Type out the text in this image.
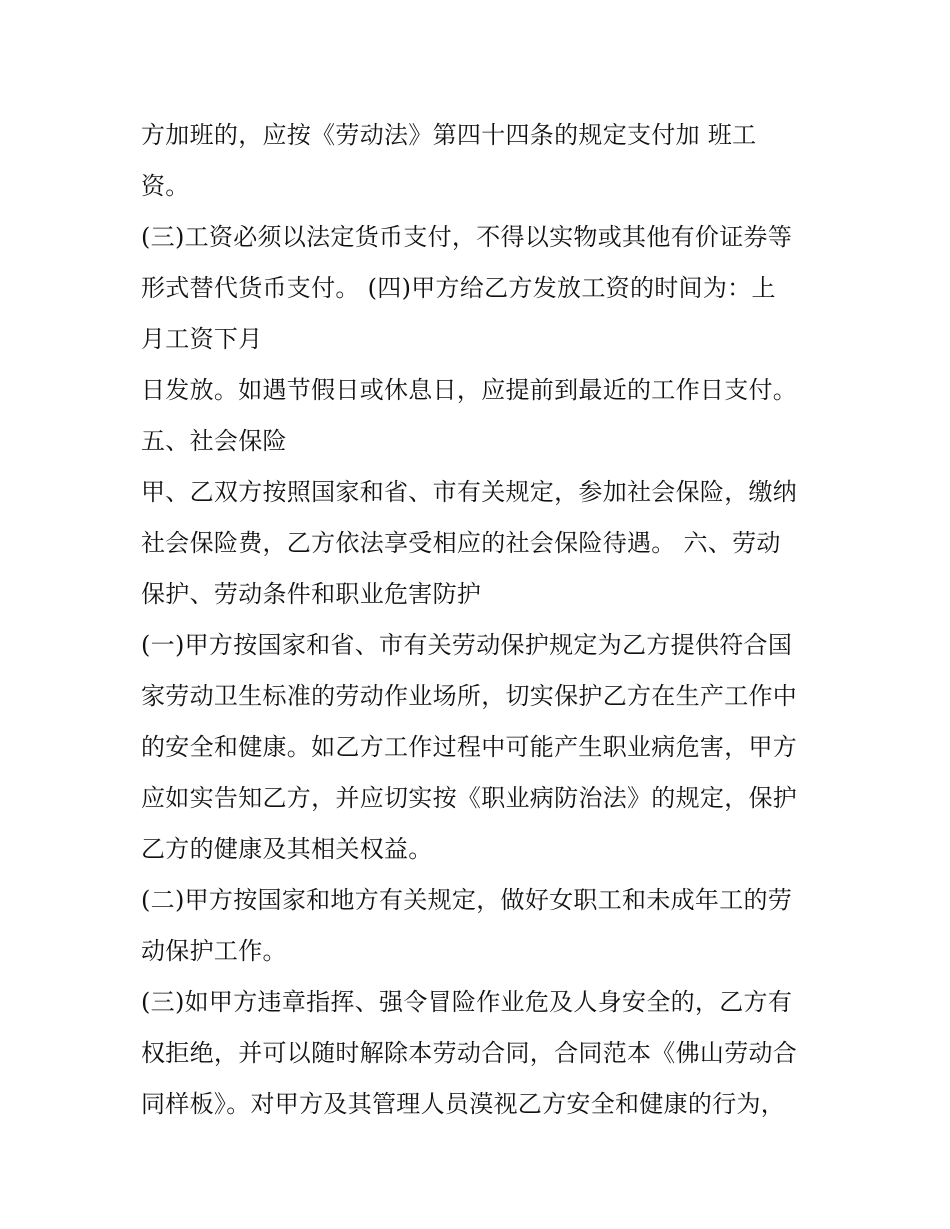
方加班的，应按《劳动法》第四十四条的规定支付加 班工
资。
(三)工资必须以法定货币支付，不得以实物或其他有价证券等
形式替代货币支付。 (四)甲方给乙方发放工资的时间为：上
月工资下月
日发放。如遇节假日或休息日，应提前到最近的工作日支付。
五、社会保险
甲、乙双方按照国家和省、市有关规定，参加社会保险，缴纳
社会保险费，乙方依法享受相应的社会保险待遇。 六、劳动
保护、劳动条件和职业危害防护
(一)甲方按国家和省、市有关劳动保护规定为乙方提供符合国
家劳动卫生标准的劳动作业场所，切实保护乙方在生产工作中
的安全和健康。如乙方工作过程中可能产生职业病危害，甲方
应如实告知乙方，并应切实按《职业病防治法》的规定，保护
乙方的健康及其相关权益。
(二)甲方按国家和地方有关规定，做好女职工和未成年工的劳
动保护工作。
(三)如甲方违章指挥、强令冒险作业危及人身安全的，乙方有
权拒绝，并可以随时解除本劳动合同，合同范本《佛山劳动合
同样板》。对甲方及其管理人员漠视乙方安全和健康的行为，
